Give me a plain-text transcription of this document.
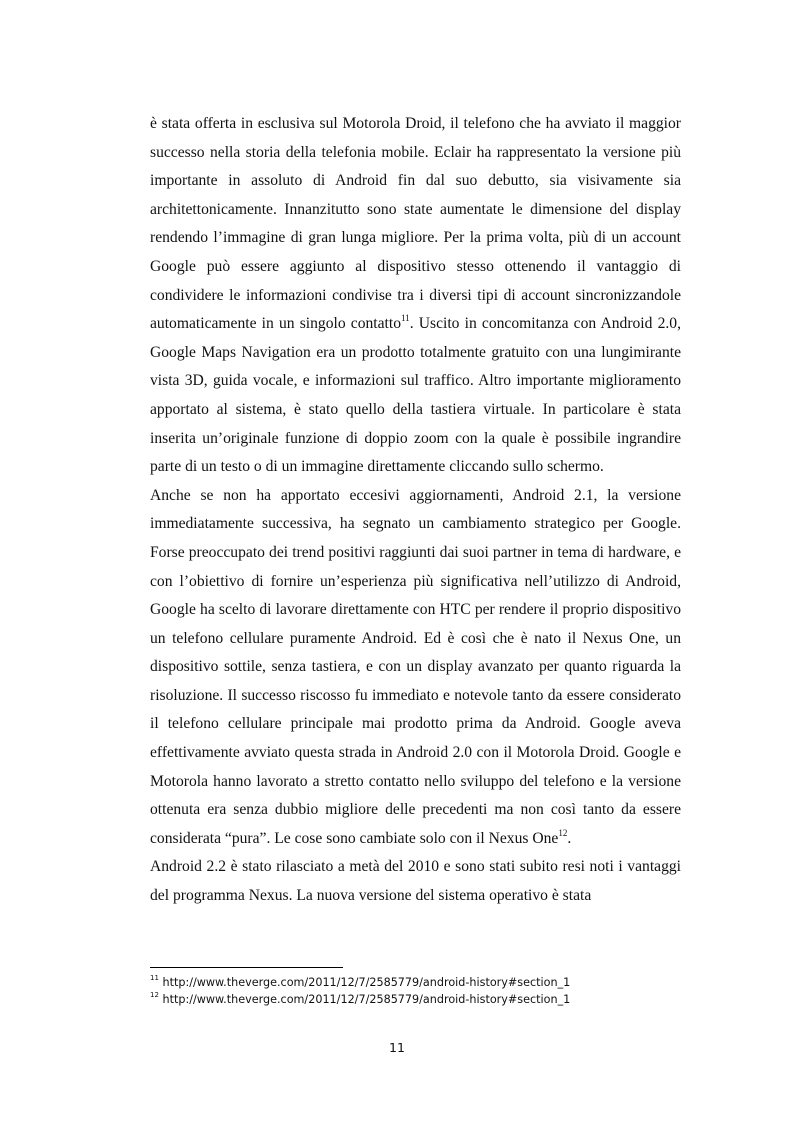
è stata offerta in esclusiva sul Motorola Droid, il telefono che ha avviato il maggior successo nella storia della telefonia mobile. Eclair ha rappresentato la versione più importante in assoluto di Android fin dal suo debutto, sia visivamente sia architettonicamente. Innanzitutto sono state aumentate le dimensione del display rendendo l’immagine di gran lunga migliore. Per la prima volta, più di un account Google può essere aggiunto al dispositivo stesso ottenendo il vantaggio di condividere le informazioni condivise tra i diversi tipi di account sincronizzandole automaticamente in un singolo contatto$^{11}$. Uscito in concomitanza con Android 2.0, Google Maps Navigation era un prodotto totalmente gratuito con una lungimirante vista 3D, guida vocale, e informazioni sul traffico. Altro importante miglioramento apportato al sistema, è stato quello della tastiera virtuale. In particolare è stata inserita un’originale funzione di doppio zoom con la quale è possibile ingrandire parte di un testo o di un immagine direttamente cliccando sullo schermo.

Anche se non ha apportato eccesivi aggiornamenti, Android 2.1, la versione immediatamente successiva, ha segnato un cambiamento strategico per Google. Forse preoccupato dei trend positivi raggiunti dai suoi partner in tema di hardware, e con l’obiettivo di fornire un’esperienza più significativa nell’utilizzo di Android, Google ha scelto di lavorare direttamente con HTC per rendere il proprio dispositivo un telefono cellulare puramente Android. Ed è così che è nato il Nexus One, un dispositivo sottile, senza tastiera, e con un display avanzato per quanto riguarda la risoluzione. Il successo riscosso fu immediato e notevole tanto da essere considerato il telefono cellulare principale mai prodotto prima da Android. Google aveva effettivamente avviato questa strada in Android 2.0 con il Motorola Droid. Google e Motorola hanno lavorato a stretto contatto nello sviluppo del telefono e la versione ottenuta era senza dubbio migliore delle precedenti ma non così tanto da essere considerata “pura”. Le cose sono cambiate solo con il Nexus One$^{12}$.

Android 2.2 è stato rilasciato a metà del 2010 e sono stati subito resi noti i vantaggi del programma Nexus. La nuova versione del sistema operativo è stata

$^{11}$ http://www.theverge.com/2011/12/7/2585779/android-history#section_1
$^{12}$ http://www.theverge.com/2011/12/7/2585779/android-history#section_1
11
